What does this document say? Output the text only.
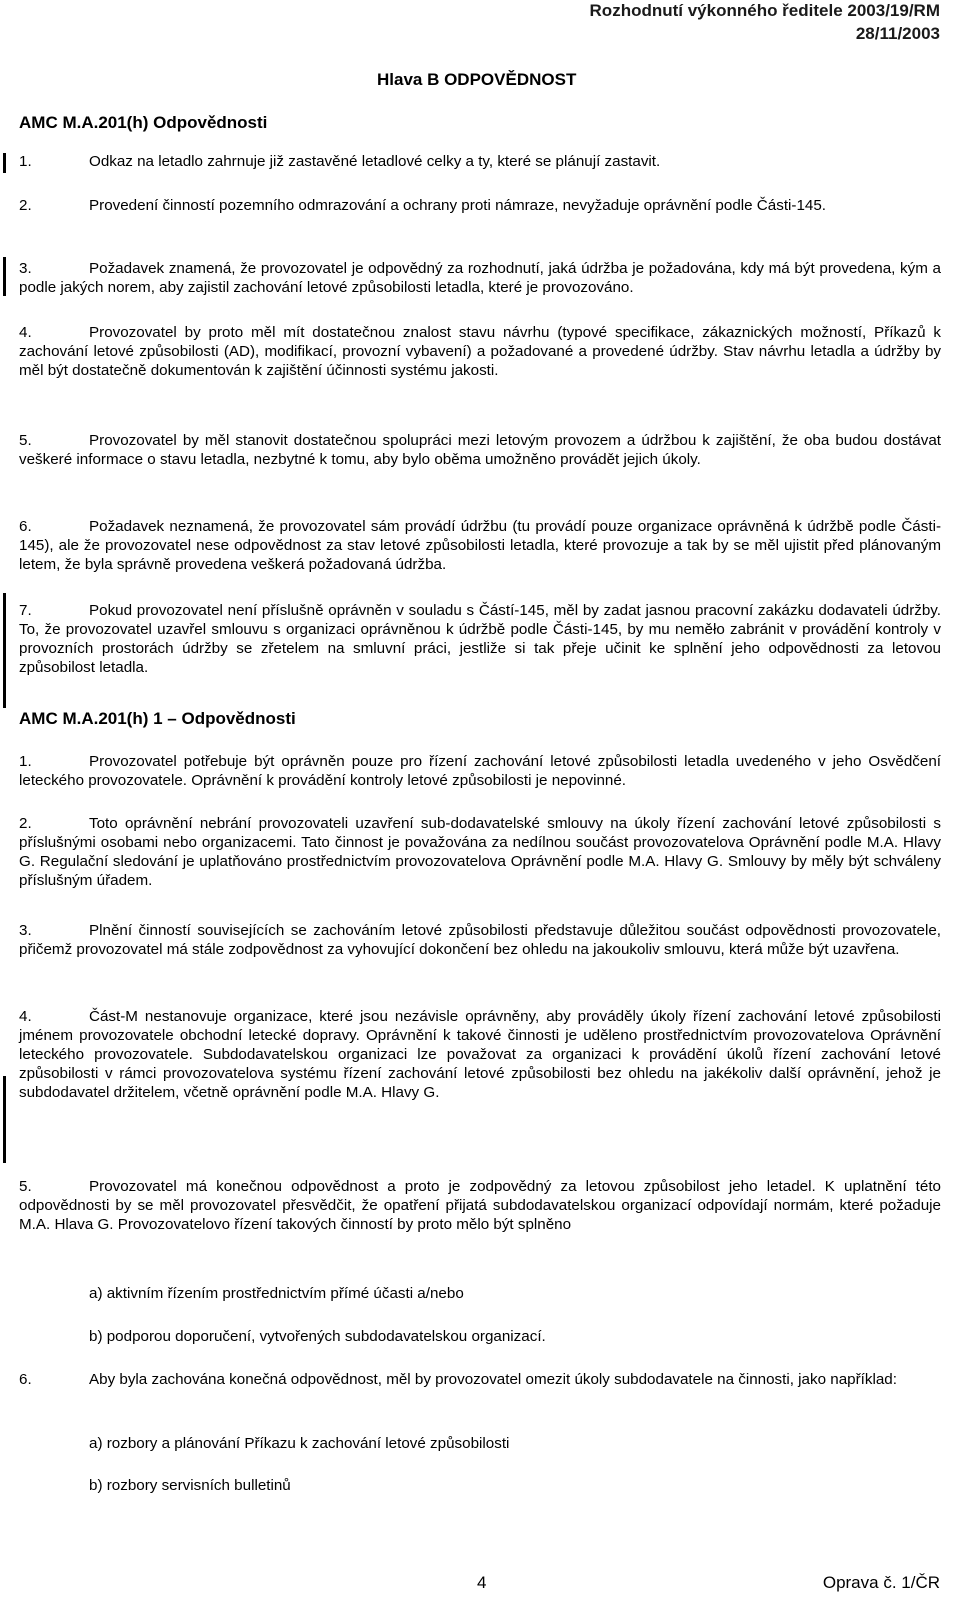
Rozhodnutí výkonného ředitele 2003/19/RM
28/11/2003
Hlava B ODPOVĚDNOST
AMC M.A.201(h) Odpovědnosti
1.	Odkaz na letadlo zahrnuje již zastavěné letadlové celky a ty, které se plánují zastavit.
2.	Provedení činností pozemního odmrazování a ochrany proti námraze, nevyžaduje oprávnění podle Části-145.
3.	Požadavek znamená, že provozovatel je odpovědný za rozhodnutí, jaká údržba je požadována, kdy má být provedena, kým a podle jakých norem, aby zajistil zachování letové způsobilosti letadla, které je provozováno.
4.	Provozovatel by proto měl mít dostatečnou znalost stavu návrhu (typové specifikace, zákaznických možností, Příkazů k zachování letové způsobilosti (AD), modifikací, provozní vybavení) a požadované a provedené údržby. Stav návrhu letadla a údržby by měl být dostatečně dokumentován k zajištění účinnosti systému jakosti.
5.	Provozovatel by měl stanovit dostatečnou spolupráci mezi letovým provozem a údržbou k zajištění, že oba budou dostávat veškeré informace o stavu letadla, nezbytné k tomu, aby bylo oběma umožněno provádět jejich úkoly.
6.	Požadavek neznamená, že provozovatel sám provádí údržbu (tu provádí pouze organizace oprávněná k údržbě podle Části-145), ale že provozovatel nese odpovědnost za stav letové způsobilosti letadla, které provozuje a tak by se měl ujistit před plánovaným letem, že byla správně provedena veškerá požadovaná údržba.
7.	Pokud provozovatel není příslušně oprávněn v souladu s Částí-145, měl by zadat jasnou pracovní zakázku dodavateli údržby. To, že provozovatel uzavřel smlouvu s organizaci oprávněnou k údržbě podle Části-145, by mu neměło zabránit v provádění kontroly v provozních prostorách údržby se zřetelem na smluvní práci, jestliže si tak přeje učinit ke splnění jeho odpovědnosti za letovou způsobilost letadla.
AMC M.A.201(h) 1 – Odpovědnosti
1.	Provozovatel potřebuje být oprávněn pouze pro řízení zachování letové způsobilosti letadla uvedeného v jeho Osvědčení leteckého provozovatele. Oprávnění k provádění kontroly letové způsobilosti je nepovinné.
2.	Toto oprávnění nebrání provozovateli uzavření sub-dodavatelské smlouvy na úkoly řízení zachování letové způsobilosti s příslušnými osobami nebo organizacemi. Tato činnost je považována za nedílnou součást provozovatelova Oprávnění podle M.A. Hlavy G. Regulační sledování je uplatňováno prostřednictvím provozovatelova Oprávnění podle M.A. Hlavy G. Smlouvy by měly být schváleny příslušným úřadem.
3.	Plnění činností souvisejících se zachováním letové způsobilosti představuje důležitou součást odpovědnosti provozovatele, přičemž provozovatel má stále zodpovědnost za vyhovující dokončení bez ohledu na jakoukoliv smlouvu, která může být uzavřena.
4.	Část-M nestanovuje organizace, které jsou nezávisle oprávněny, aby prováděly úkoly řízení zachování letové způsobilosti jménem provozovatele obchodní letecké dopravy. Oprávnění k takové činnosti je uděleno prostřednictvím provozovatelova Oprávnění leteckého provozovatele. Subdodavatelskou organizaci lze považovat za organizaci k provádění úkolů řízení zachování letové způsobilosti v rámci provozovatelova systému řízení zachování letové způsobilosti bez ohledu na jakékoliv další oprávnění, jehož je subdodavatel držitelem, včetně oprávnění podle M.A. Hlavy G.
5.	Provozovatel má konečnou odpovědnost a proto je zodpovědný za letovou způsobilost jeho letadel. K uplatnění této odpovědnosti by se měl provozovatel přesvědčit, že opatření přijatá subdodavatelskou organizací odpovídají normám, které požaduje M.A. Hlava G. Provozovatelovo řízení takových činností by proto mělo být splněno
a) aktivním řízením prostřednictvím přímé účasti a/nebo
b) podporou doporučení, vytvořených subdodavatelskou organizací.
6.	Aby byla zachována konečná odpovědnost, měl by provozovatel omezit úkoly subdodavatele na činnosti, jako například:
a) rozbory a plánování Příkazu k zachování letové způsobilosti
b) rozbory servisních bulletinů
4	Oprava č. 1/ČR
